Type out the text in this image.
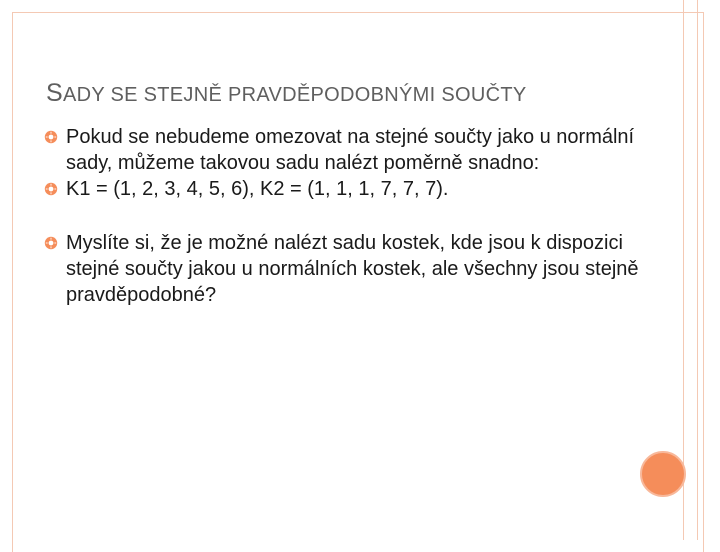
SADY SE STEJNĚ PRAVDĚPODOBNÝMI SOUČTY
Pokud se nebudeme omezovat na stejné součty jako u normální sady, můžeme takovou sadu nalézt poměrně snadno:
K1 = (1, 2, 3, 4, 5, 6), K2 = (1, 1, 1, 7, 7, 7).
Myslíte si, že je možné nalézt sadu kostek, kde jsou k dispozici stejné součty jakou u normálních kostek, ale všechny jsou stejně pravděpodobné?
